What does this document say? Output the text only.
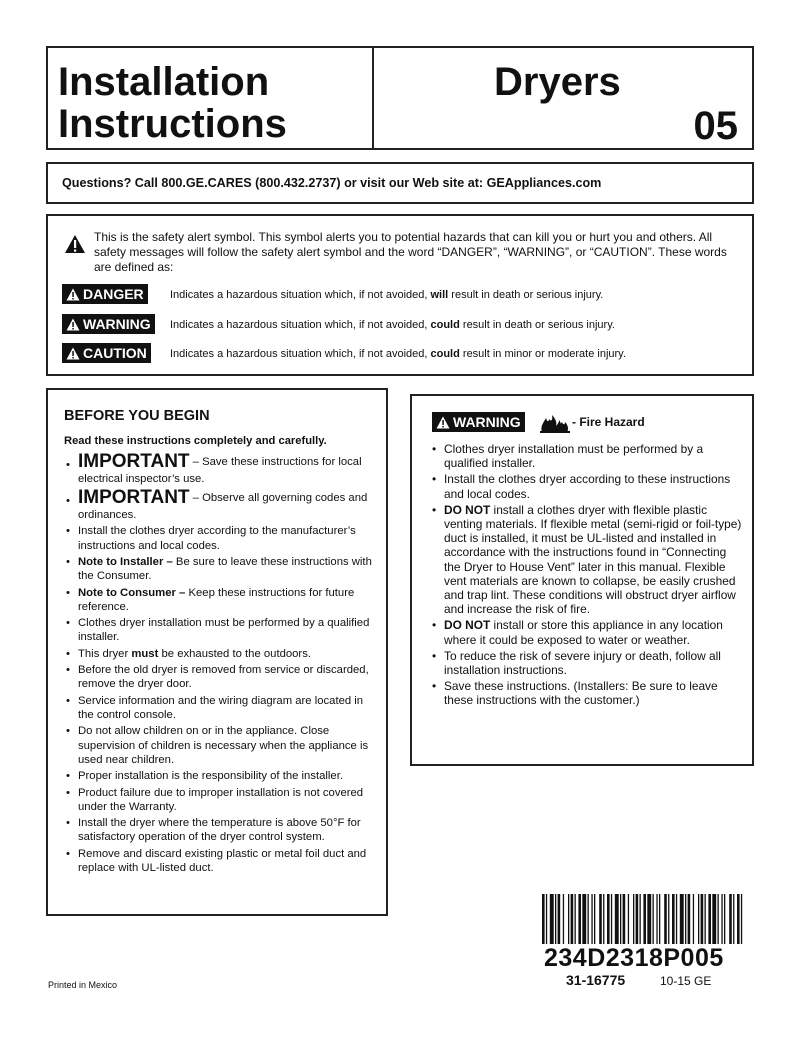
Installation
Instructions
Dryers
05
Questions? Call 800.GE.CARES (800.432.2737) or visit our Web site at: GEAppliances.com
This is the safety alert symbol. This symbol alerts you to potential hazards that can kill you or hurt you and others. All safety messages will follow the safety alert symbol and the word “DANGER”, “WARNING”, or “CAUTION”. These words are defined as:
DANGER	Indicates a hazardous situation which, if not avoided, will result in death or serious injury.
WARNING	Indicates a hazardous situation which, if not avoided, could result in death or serious injury.
CAUTION	Indicates a hazardous situation which, if not avoided, could result in minor or moderate injury.
BEFORE YOU BEGIN
Read these instructions completely and carefully.
• IMPORTANT – Save these instructions for local electrical inspector’s use.
• IMPORTANT – Observe all governing codes and ordinances.
• Install the clothes dryer according to the manufacturer’s instructions and local codes.
• Note to Installer – Be sure to leave these instructions with the Consumer.
• Note to Consumer – Keep these instructions for future reference.
• Clothes dryer installation must be performed by a qualified installer.
• This dryer must be exhausted to the outdoors.
• Before the old dryer is removed from service or discarded, remove the dryer door.
• Service information and the wiring diagram are located in the control console.
• Do not allow children on or in the appliance. Close supervision of children is necessary when the appliance is used near children.
• Proper installation is the responsibility of the installer.
• Product failure due to improper installation is not covered under the Warranty.
• Install the dryer where the temperature is above 50°F for satisfactory operation of the dryer control system.
• Remove and discard existing plastic or metal foil duct and replace with UL-listed duct.
WARNING	- Fire Hazard
• Clothes dryer installation must be performed by a qualified installer.
• Install the clothes dryer according to these instructions and local codes.
• DO NOT install a clothes dryer with flexible plastic venting materials. If flexible metal (semi-rigid or foil-type) duct is installed, it must be UL-listed and installed in accordance with the instructions found in “Connecting the Dryer to House Vent” later in this manual. Flexible vent materials are known to collapse, be easily crushed and trap lint. These conditions will obstruct dryer airflow and increase the risk of fire.
• DO NOT install or store this appliance in any location where it could be exposed to water or weather.
• To reduce the risk of severe injury or death, follow all installation instructions.
• Save these instructions. (Installers: Be sure to leave these instructions with the customer.)
Printed in Mexico
234D2318P005
31-16775	10-15 GE
